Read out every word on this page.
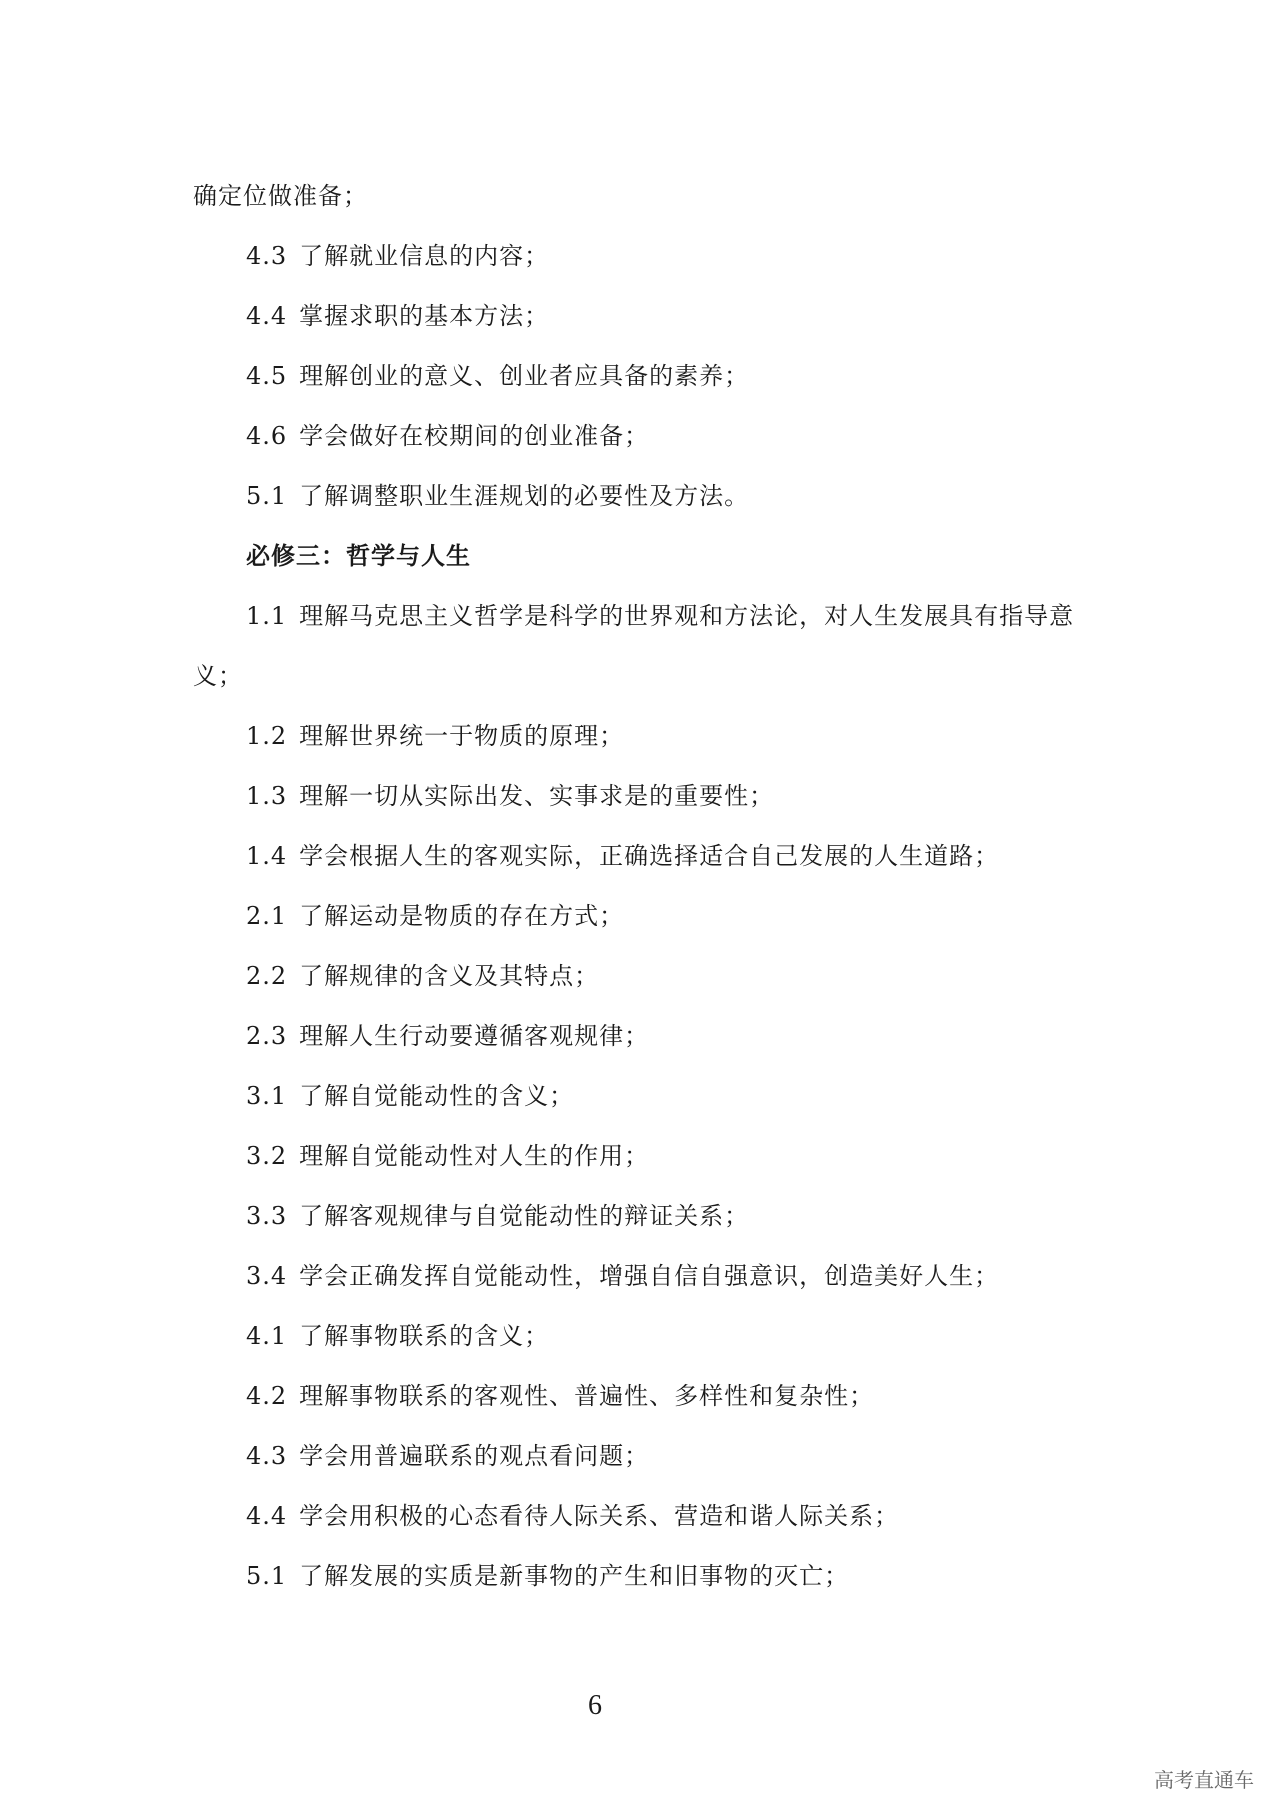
确定位做准备；
4.3 了解就业信息的内容；
4.4 掌握求职的基本方法；
4.5 理解创业的意义、创业者应具备的素养；
4.6 学会做好在校期间的创业准备；
5.1 了解调整职业生涯规划的必要性及方法。
必修三：哲学与人生
1.1 理解马克思主义哲学是科学的世界观和方法论，对人生发展具有指导意
义；
1.2 理解世界统一于物质的原理；
1.3 理解一切从实际出发、实事求是的重要性；
1.4 学会根据人生的客观实际，正确选择适合自己发展的人生道路；
2.1 了解运动是物质的存在方式；
2.2 了解规律的含义及其特点；
2.3 理解人生行动要遵循客观规律；
3.1 了解自觉能动性的含义；
3.2 理解自觉能动性对人生的作用；
3.3 了解客观规律与自觉能动性的辩证关系；
3.4 学会正确发挥自觉能动性，增强自信自强意识，创造美好人生；
4.1 了解事物联系的含义；
4.2 理解事物联系的客观性、普遍性、多样性和复杂性；
4.3 学会用普遍联系的观点看问题；
4.4 学会用积极的心态看待人际关系、营造和谐人际关系；
5.1 了解发展的实质是新事物的产生和旧事物的灭亡；
6
高考直通车
